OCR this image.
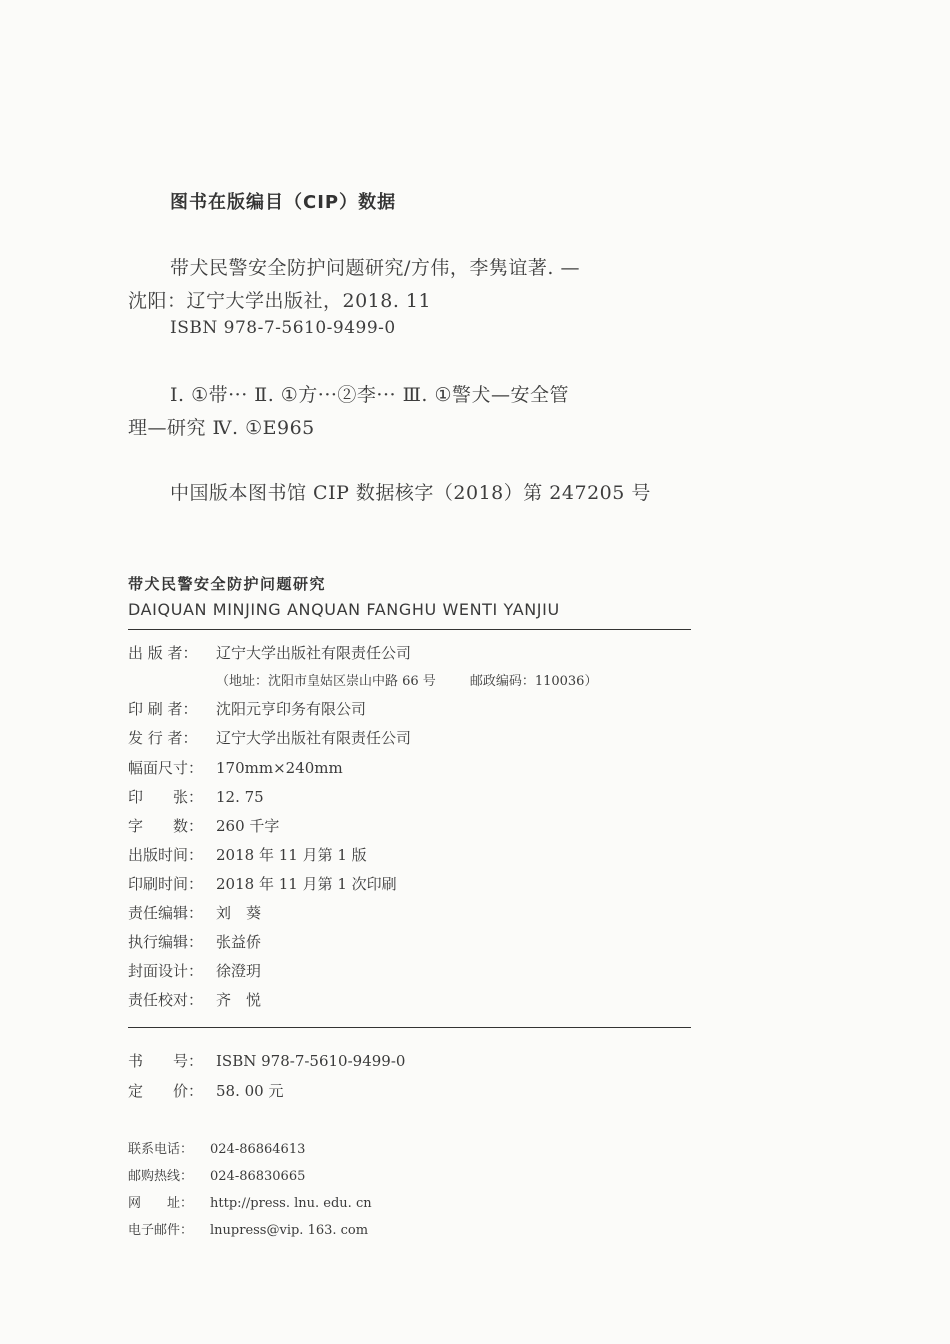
图书在版编目（CIP）数据
带犬民警安全防护问题研究/方伟，李隽谊著. —
沈阳：辽宁大学出版社，2018. 11
ISBN 978-7-5610-9499-0
Ⅰ. ①带··· Ⅱ. ①方···②李··· Ⅲ. ①警犬—安全管
理—研究 Ⅳ. ①E965
中国版本图书馆 CIP 数据核字（2018）第 247205 号
带犬民警安全防护问题研究
DAIQUAN MINJING ANQUAN FANGHU WENTI YANJIU
出 版 者：	辽宁大学出版社有限责任公司
（地址：沈阳市皇姑区崇山中路 66 号	邮政编码：110036）
印 刷 者：	沈阳元亨印务有限公司
发 行 者：	辽宁大学出版社有限责任公司
幅面尺寸： 170mm×240mm
印　　张： 12. 75
字　　数： 260 千字
出版时间： 2018 年 11 月第 1 版
印刷时间： 2018 年 11 月第 1 次印刷
责任编辑： 刘　葵
执行编辑： 张益侨
封面设计： 徐澄玥
责任校对： 齐　悦
书　　号： ISBN 978-7-5610-9499-0
定　　价： 58. 00 元
联系电话： 024-86864613
邮购热线： 024-86830665
网　　址： http://press. lnu. edu. cn
电子邮件： lnupress@vip. 163. com
